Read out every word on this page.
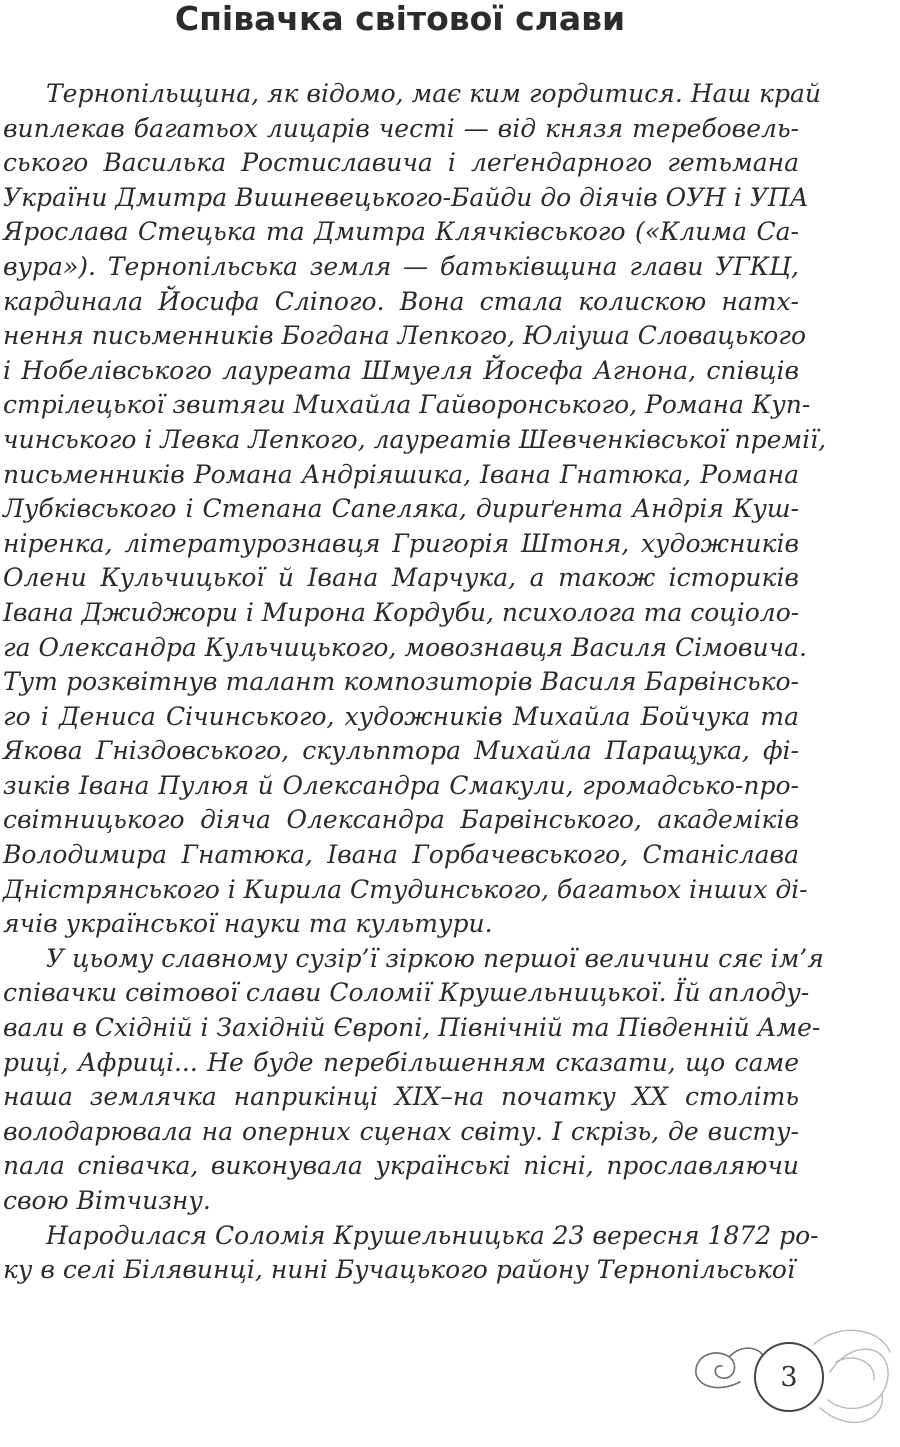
Співачка світової слави
Тернопільщина, як відомо, має ким гордитися. Наш край
виплекав багатьох лицарів честі — від князя теребовель-
ського Василька Ростиславича і леґендарного гетьмана
України Дмитра Вишневецького-Байди до діячів ОУН і УПА
Ярослава Стецька та Дмитра Клячківського («Клима Са-
вура»). Тернопільська земля — батьківщина глави УГКЦ,
кардинала Йосифа Сліпого. Вона стала колискою натх-
нення письменників Богдана Лепкого, Юліуша Словацького
і Нобелівського лауреата Шмуеля Йосефа Агнона, співців
стрілецької звитяги Михайла Гайворонського, Романа Куп-
чинського і Левка Лепкого, лауреатів Шевченківської премії,
письменників Романа Андріяшика, Івана Гнатюка, Романа
Лубківського і Степана Сапеляка, дириґента Андрія Куш-
ніренка, літературознавця Григорія Штоня, художників
Олени Кульчицької й Івана Марчука, а також істориків
Івана Джиджори і Мирона Кордуби, психолога та соціоло-
га Олександра Кульчицького, мовознавця Василя Сімовича.
Тут розквітнув талант композиторів Василя Барвінсько-
го і Дениса Січинського, художників Михайла Бойчука та
Якова Гніздовського, скульптора Михайла Паращука, фі-
зиків Івана Пулюя й Олександра Смакули, громадсько-про-
світницького діяча Олександра Барвінського, академіків
Володимира Гнатюка, Івана Горбачевського, Станіслава
Дністрянського і Кирила Студинського, багатьох інших ді-
ячів української науки та культури.
У цьому славному сузір’ї зіркою першої величини сяє ім’я
співачки світової слави Соломії Крушельницької. Їй аплоду-
вали в Східній і Західній Європі, Північній та Південній Аме-
риці, Африці... Не буде перебільшенням сказати, що саме
наша землячка наприкінці XIX–на початку XX століть
володарювала на оперних сценах світу. І скрізь, де висту-
пала співачка, виконувала українські пісні, прославляючи
свою Вітчизну.
Народилася Соломія Крушельницька 23 вересня 1872 ро-
ку в селі Білявинці, нині Бучацького району Тернопільської
3
